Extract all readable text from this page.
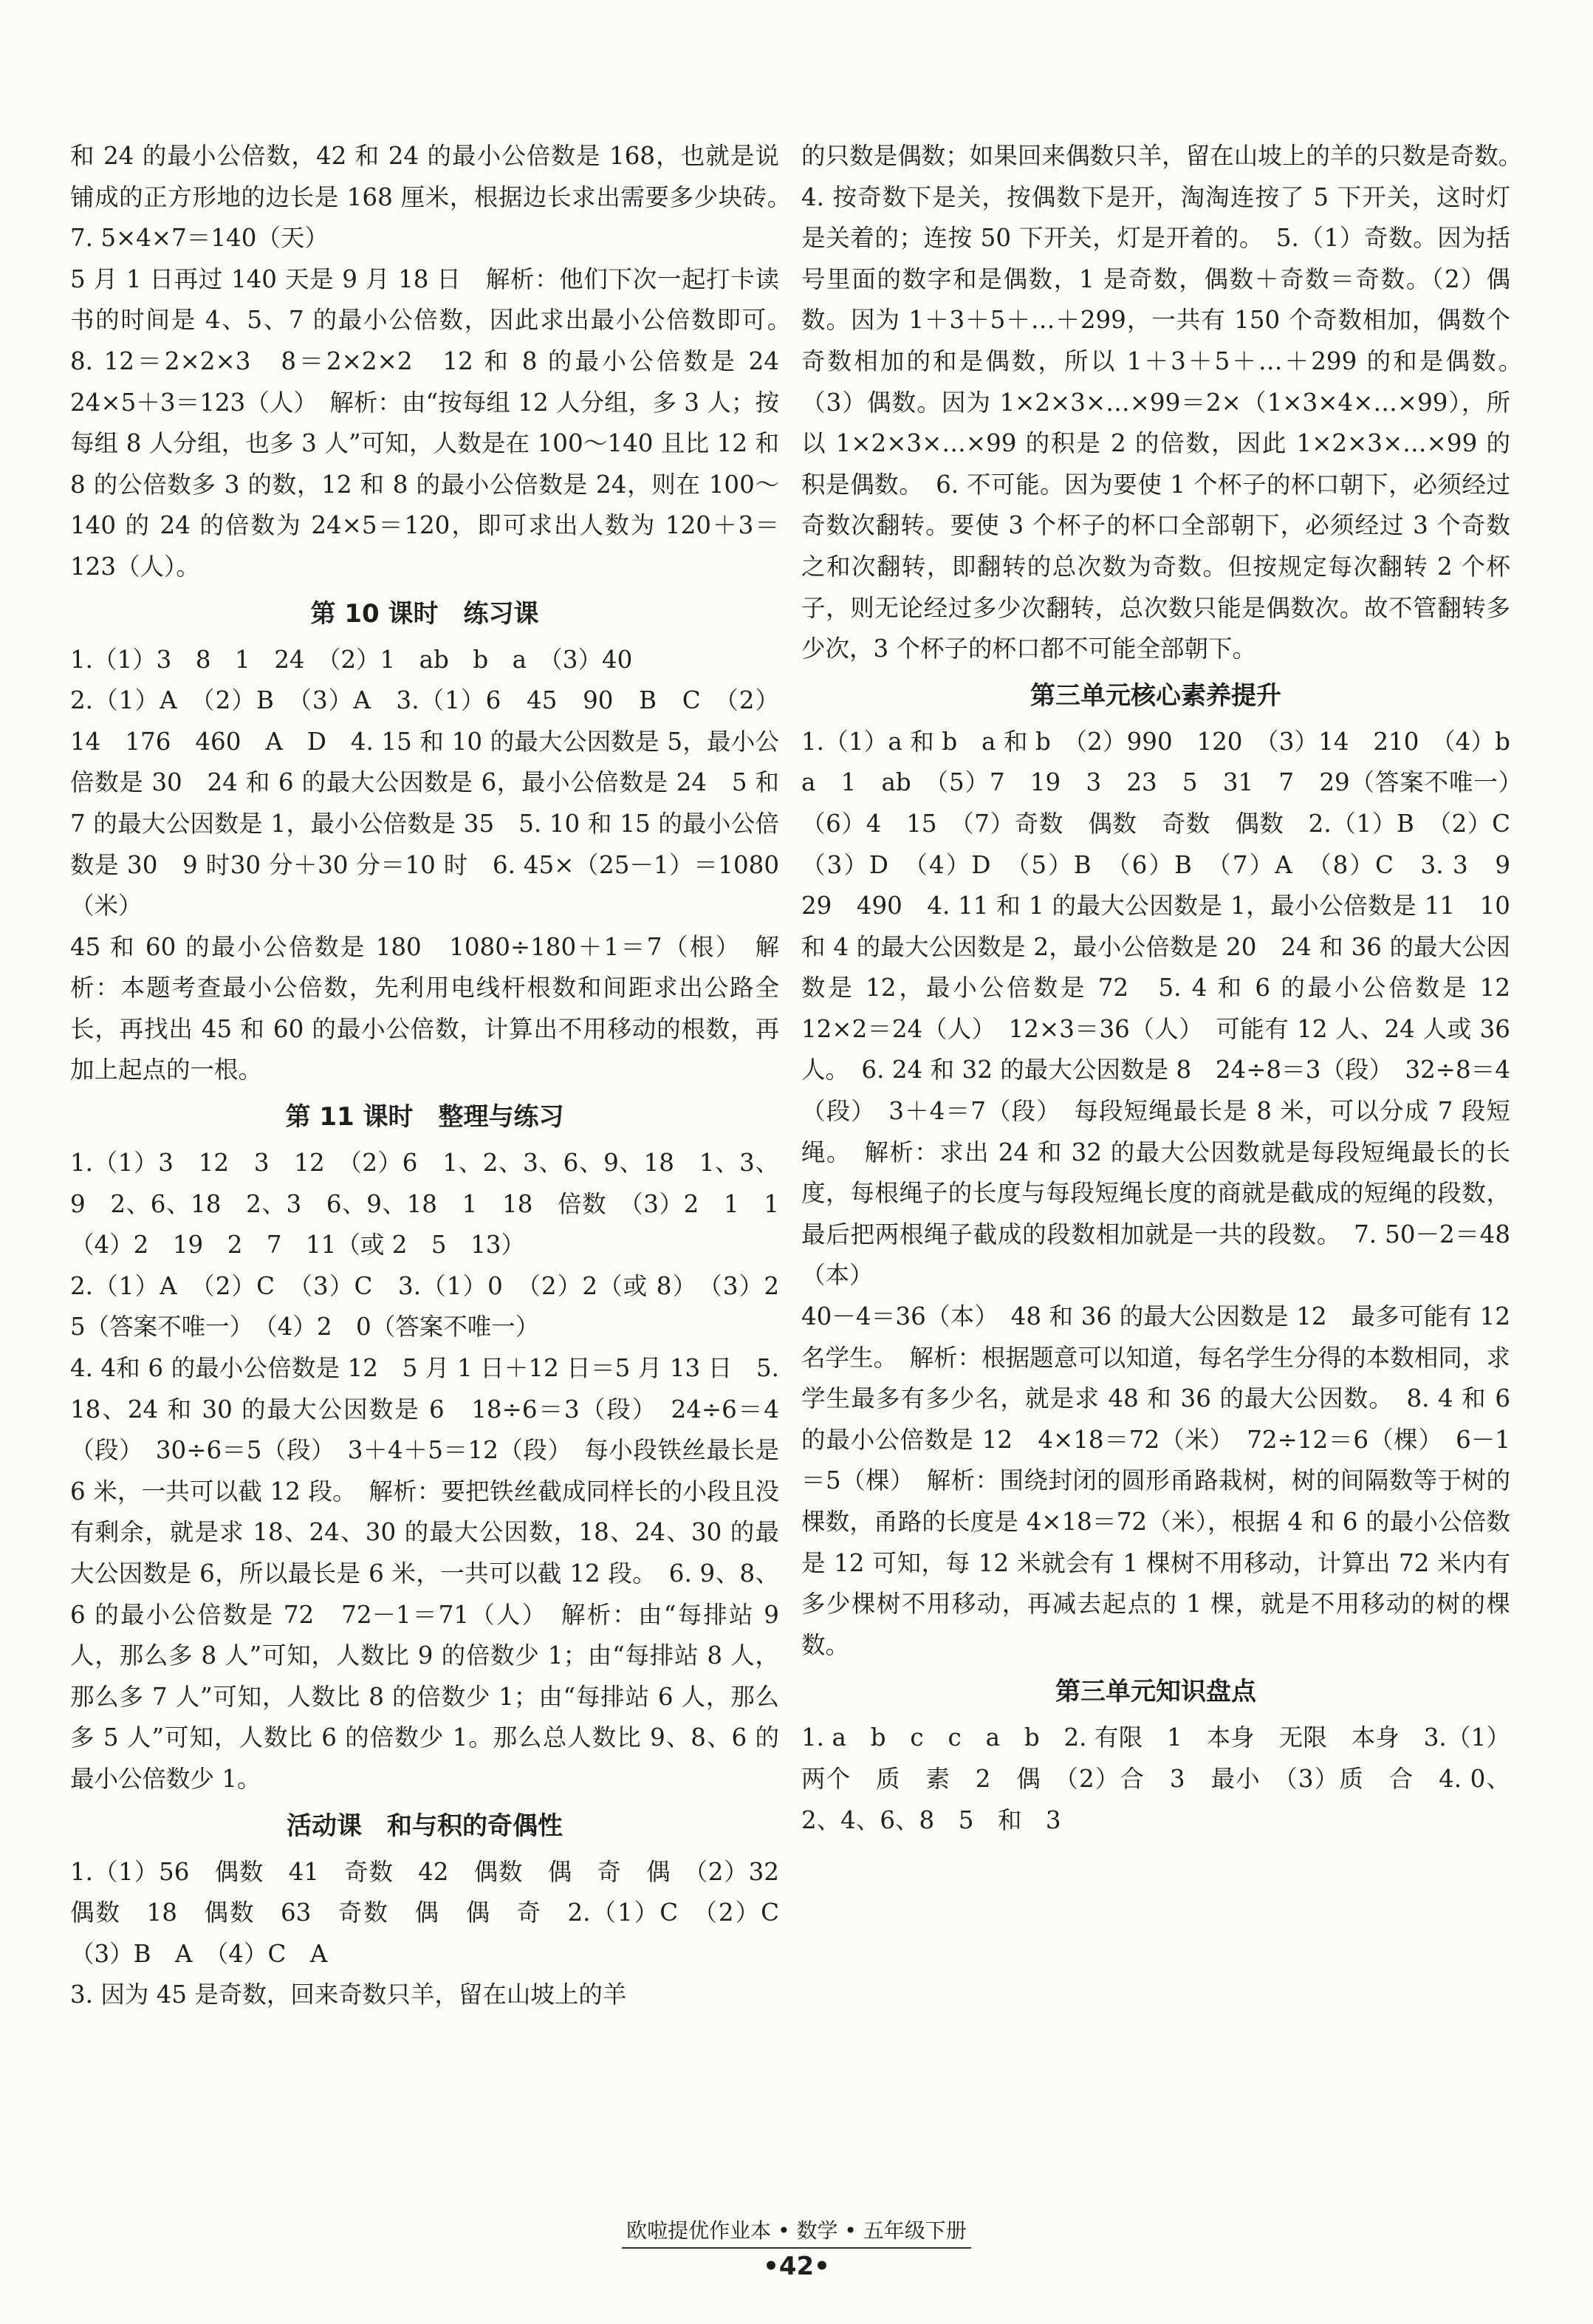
和 24 的最小公倍数，42 和 24 的最小公倍数是 168，也就是说铺成的正方形地的边长是 168 厘米，根据边长求出需要多少块砖。　7. 5×4×7＝140（天）

5 月 1 日再过 140 天是 9 月 18 日　解析：他们下次一起打卡读书的时间是 4、5、7 的最小公倍数，因此求出最小公倍数即可。　8. 12＝2×2×3　8＝2×2×2　12 和 8 的最小公倍数是 24　24×5＋3＝123（人）　解析：由“按每组 12 人分组，多 3 人；按每组 8 人分组，也多 3 人”可知，人数是在 100～140 且比 12 和 8 的公倍数多 3 的数，12 和 8 的最小公倍数是 24，则在 100～140 的 24 的倍数为 24×5＝120，即可求出人数为 120＋3＝123（人）。

第 10 课时　练习课

1.（1）3　8　1　24　（2）1　ab　b　a　（3）40

2.（1）A　（2）B　（3）A　3.（1）6　45　90　B　C　（2）14　176　460　A　D　4. 15 和 10 的最大公因数是 5，最小公倍数是 30　24 和 6 的最大公因数是 6，最小公倍数是 24　5 和 7 的最大公因数是 1，最小公倍数是 35　5. 10 和 15 的最小公倍数是 30　9 时30 分＋30 分＝10 时　6. 45×（25－1）＝1080（米）

45 和 60 的最小公倍数是 180　1080÷180＋1＝7（根）　解析：本题考查最小公倍数，先利用电线杆根数和间距求出公路全长，再找出 45 和 60 的最小公倍数，计算出不用移动的根数，再加上起点的一根。

第 11 课时　整理与练习

1.（1）3　12　3　12　（2）6　1、2、3、6、9、18　1、3、9　2、6、18　2、3　6、9、18　1　18　倍数　（3）2　1　1　（4）2　19　2　7　11（或 2　5　13）

2.（1）A　（2）C　（3）C　3.（1）0　（2）2（或 8）　（3）2　5（答案不唯一）　（4）2　0（答案不唯一）

4. 4和 6 的最小公倍数是 12　5 月 1 日＋12 日＝5 月 13 日　5. 18、24 和 30 的最大公因数是 6　18÷6＝3（段）　24÷6＝4（段）　30÷6＝5（段）　3＋4＋5＝12（段）　每小段铁丝最长是 6 米，一共可以截 12 段。　解析：要把铁丝截成同样长的小段且没有剩余，就是求 18、24、30 的最大公因数，18、24、30 的最大公因数是 6，所以最长是 6 米，一共可以截 12 段。　6. 9、8、6 的最小公倍数是 72　72－1＝71（人）　解析：由“每排站 9 人，那么多 8 人”可知，人数比 9 的倍数少 1；由“每排站 8 人，那么多 7 人”可知，人数比 8 的倍数少 1；由“每排站 6 人，那么多 5 人”可知，人数比 6 的倍数少 1。那么总人数比 9、8、6 的最小公倍数少 1。

活动课　和与积的奇偶性

1.（1）56　偶数　41　奇数　42　偶数　偶　奇　偶　（2）32　偶数　18　偶数　63　奇数　偶　偶　奇　2.（1）C　（2）C　（3）B　A　（4）C　A

3. 因为 45 是奇数，回来奇数只羊，留在山坡上的羊

的只数是偶数；如果回来偶数只羊，留在山坡上的羊的只数是奇数。　4. 按奇数下是关，按偶数下是开，淘淘连按了 5 下开关，这时灯是关着的；连按 50 下开关，灯是开着的。　5.（1）奇数。因为括号里面的数字和是偶数，1 是奇数，偶数＋奇数＝奇数。（2）偶数。因为 1＋3＋5＋…＋299，一共有 150 个奇数相加，偶数个奇数相加的和是偶数，所以 1＋3＋5＋…＋299 的和是偶数。　（3）偶数。因为 1×2×3×…×99＝2×（1×3×4×…×99），所以 1×2×3×…×99 的积是 2 的倍数，因此 1×2×3×…×99 的积是偶数。　6. 不可能。因为要使 1 个杯子的杯口朝下，必须经过奇数次翻转。要使 3 个杯子的杯口全部朝下，必须经过 3 个奇数之和次翻转，即翻转的总次数为奇数。但按规定每次翻转 2 个杯子，则无论经过多少次翻转，总次数只能是偶数次。故不管翻转多少次，3 个杯子的杯口都不可能全部朝下。

第三单元核心素养提升

1.（1）a 和 b　a 和 b　（2）990　120　（3）14　210　（4）b　a　1　ab　（5）7　19　3　23　5　31　7　29（答案不唯一）　（6）4　15　（7）奇数　偶数　奇数　偶数　2.（1）B　（2）C　（3）D　（4）D　（5）B　（6）B　（7）A　（8）C　3. 3　9　29　490　4. 11 和 1 的最大公因数是 1，最小公倍数是 11　10 和 4 的最大公因数是 2，最小公倍数是 20　24 和 36 的最大公因数是 12，最小公倍数是 72　5. 4 和 6 的最小公倍数是 12　12×2＝24（人）　12×3＝36（人）　可能有 12 人、24 人或 36 人。　6. 24 和 32 的最大公因数是 8　24÷8＝3（段）　32÷8＝4（段）　3＋4＝7（段）　每段短绳最长是 8 米，可以分成 7 段短绳。　解析：求出 24 和 32 的最大公因数就是每段短绳最长的长度，每根绳子的长度与每段短绳长度的商就是截成的短绳的段数，最后把两根绳子截成的段数相加就是一共的段数。　7. 50－2＝48（本）

40－4＝36（本）　48 和 36 的最大公因数是 12　最多可能有 12 名学生。　解析：根据题意可以知道，每名学生分得的本数相同，求学生最多有多少名，就是求 48 和 36 的最大公因数。　8. 4 和 6 的最小公倍数是 12　4×18＝72（米）　72÷12＝6（棵）　6－1＝5（棵）　解析：围绕封闭的圆形甬路栽树，树的间隔数等于树的棵数，甬路的长度是 4×18＝72（米），根据 4 和 6 的最小公倍数是 12 可知，每 12 米就会有 1 棵树不用移动，计算出 72 米内有多少棵树不用移动，再减去起点的 1 棵，就是不用移动的树的棵数。

第三单元知识盘点

1. a　b　c　c　a　b　2. 有限　1　本身　无限　本身　3.（1）两个　质　素　2　偶　（2）合　3　最小　（3）质　合　4. 0、2、4、6、8　5　和　3

欧啦提优作业本 • 数学 • 五年级下册
•42•
